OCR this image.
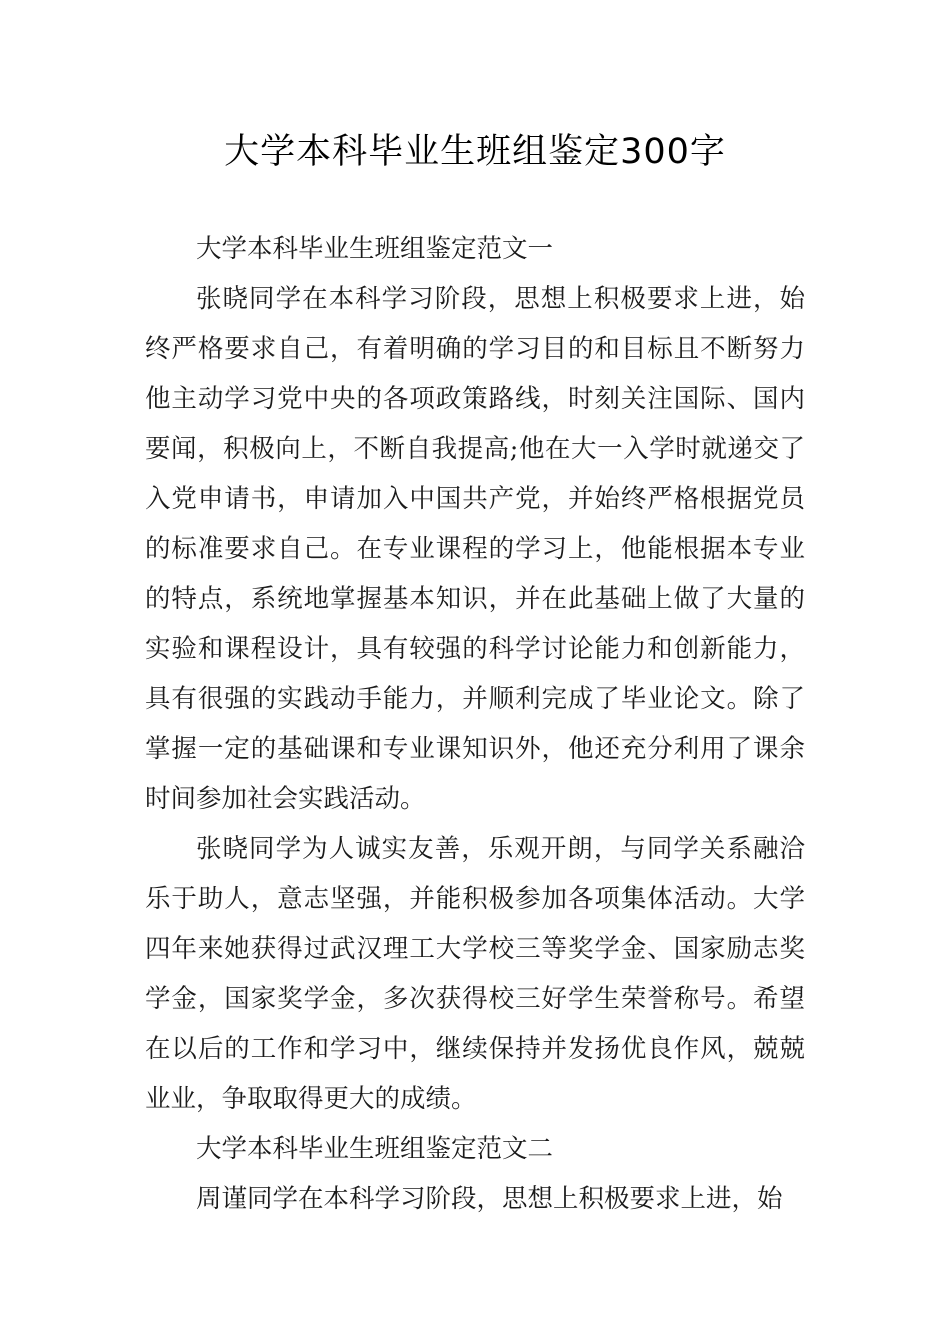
大学本科毕业生班组鉴定300字

大学本科毕业生班组鉴定范文一

张晓同学在本科学习阶段，思想上积极要求上进，始终严格要求自己，有着明确的学习目的和目标且不断努力他主动学习党中央的各项政策路线，时刻关注国际、国内要闻，积极向上，不断自我提高;他在大一入学时就递交了入党申请书，申请加入中国共产党，并始终严格根据党员的标准要求自己。在专业课程的学习上，他能根据本专业的特点，系统地掌握基本知识，并在此基础上做了大量的实验和课程设计，具有较强的科学讨论能力和创新能力，具有很强的实践动手能力，并顺利完成了毕业论文。除了掌握一定的基础课和专业课知识外，他还充分利用了课余时间参加社会实践活动。

张晓同学为人诚实友善，乐观开朗，与同学关系融洽乐于助人，意志坚强，并能积极参加各项集体活动。大学四年来她获得过武汉理工大学校三等奖学金、国家励志奖学金，国家奖学金，多次获得校三好学生荣誉称号。希望在以后的工作和学习中，继续保持并发扬优良作风，兢兢业业，争取取得更大的成绩。

大学本科毕业生班组鉴定范文二

周谨同学在本科学习阶段，思想上积极要求上进，始
